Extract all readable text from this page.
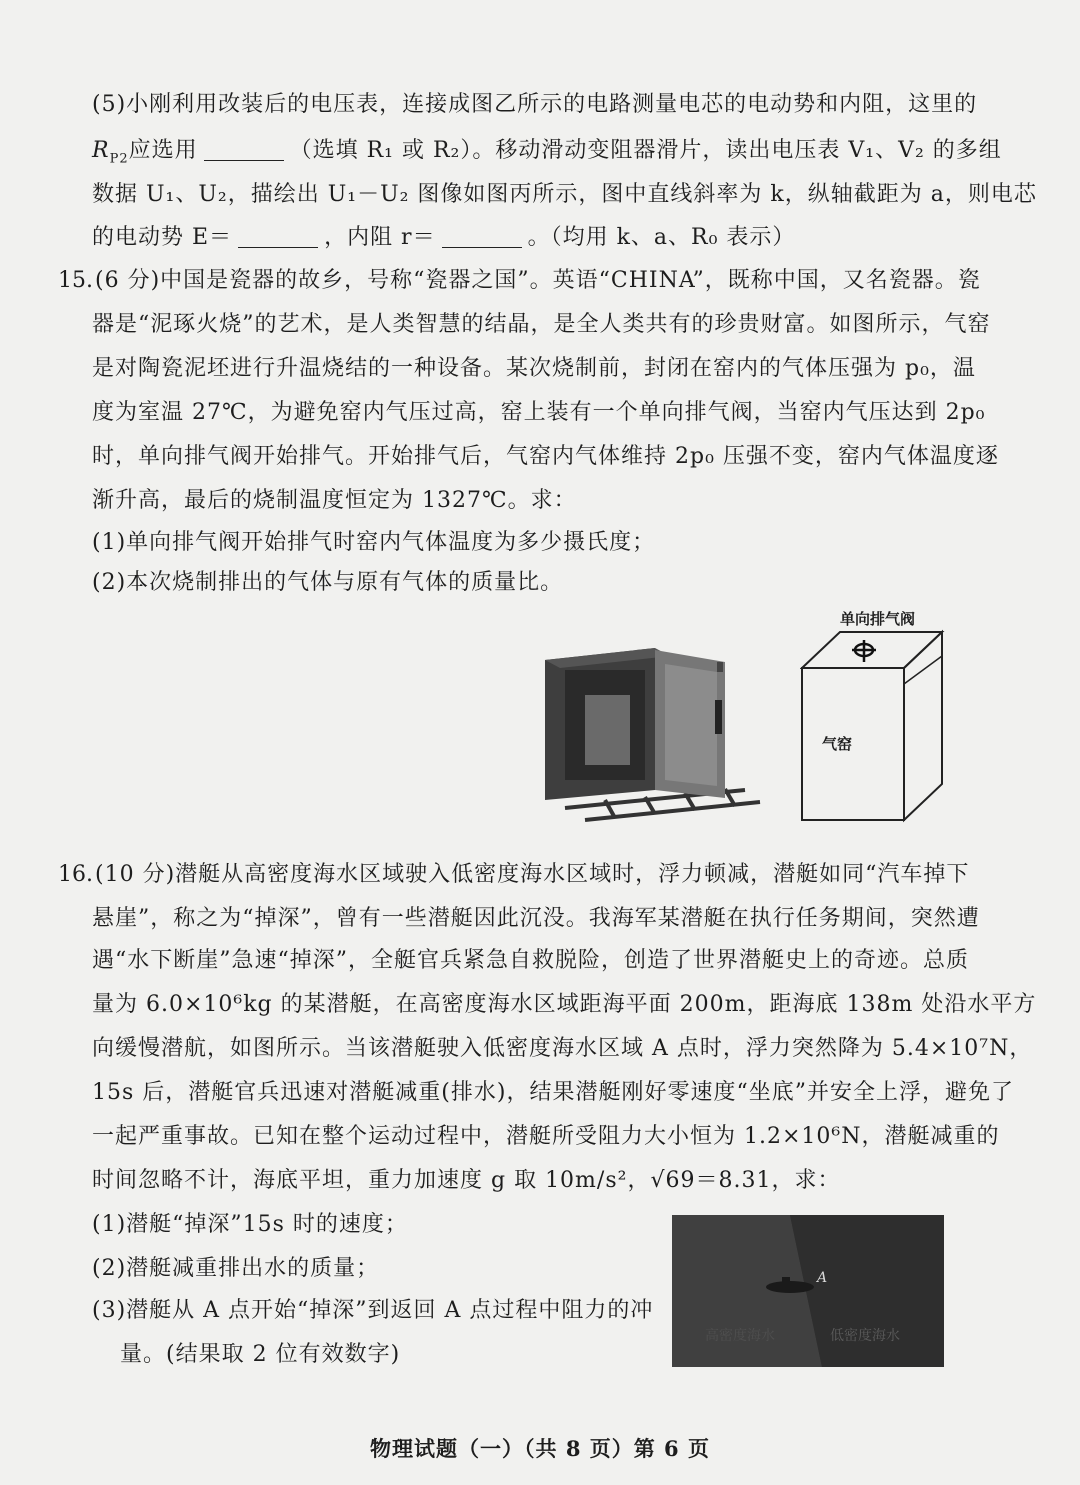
(5)小刚利用改装后的电压表，连接成图乙所示的电路测量电芯的电动势和内阻，这里的
$R_{P2}$应选用	（选填 R₁ 或 R₂）。移动滑动变阻器滑片，读出电压表 V₁、V₂ 的多组
数据 U₁、U₂，描绘出 U₁－U₂ 图像如图丙所示，图中直线斜率为 k，纵轴截距为 a，则电芯
的电动势 E＝	，内阻 r＝	。（均用 k、a、R₀ 表示）
15. (6 分)中国是瓷器的故乡，号称“瓷器之国”。英语“CHINA”，既称中国，又名瓷器。瓷
器是“泥琢火烧”的艺术，是人类智慧的结晶，是全人类共有的珍贵财富。如图所示，气窑
是对陶瓷泥坯进行升温烧结的一种设备。某次烧制前，封闭在窑内的气体压强为 p₀，温
度为室温 27℃，为避免窑内气压过高，窑上装有一个单向排气阀，当窑内气压达到 2p₀
时，单向排气阀开始排气。开始排气后，气窑内气体维持 2p₀ 压强不变，窑内气体温度逐
渐升高，最后的烧制温度恒定为 1327℃。求：
(1)单向排气阀开始排气时窑内气体温度为多少摄氏度；
(2)本次烧制排出的气体与原有气体的质量比。
单向排气阀
气窑
16. (10 分)潜艇从高密度海水区域驶入低密度海水区域时，浮力顿减，潜艇如同“汽车掉下
悬崖”，称之为“掉深”，曾有一些潜艇因此沉没。我海军某潜艇在执行任务期间，突然遭
遇“水下断崖”急速“掉深”，全艇官兵紧急自救脱险，创造了世界潜艇史上的奇迹。总质
量为 6.0×10⁶kg 的某潜艇，在高密度海水区域距海平面 200m，距海底 138m 处沿水平方
向缓慢潜航，如图所示。当该潜艇驶入低密度海水区域 A 点时，浮力突然降为 5.4×10⁷N，
15s 后，潜艇官兵迅速对潜艇减重(排水)，结果潜艇刚好零速度“坐底”并安全上浮，避免了
一起严重事故。已知在整个运动过程中，潜艇所受阻力大小恒为 1.2×10⁶N，潜艇减重的
时间忽略不计，海底平坦，重力加速度 g 取 10m/s²，√69＝8.31，求：
(1)潜艇“掉深”15s 时的速度；
(2)潜艇减重排出水的质量；
(3)潜艇从 A 点开始“掉深”到返回 A 点过程中阻力的冲
量。(结果取 2 位有效数字)
A
高密度海水	低密度海水
物理试题（一）（共 8 页）第 6 页
